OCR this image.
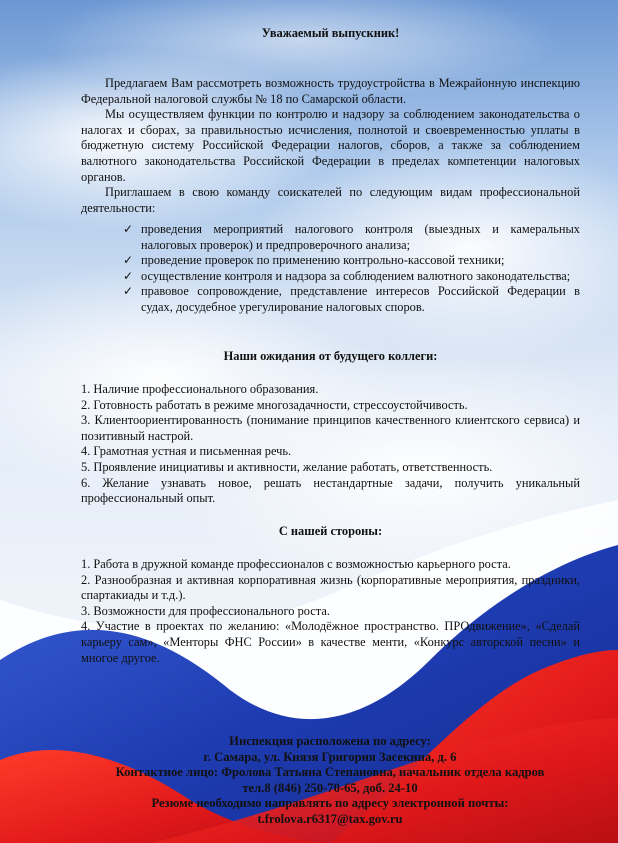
Уважаемый выпускник!

Предлагаем Вам рассмотреть возможность трудоустройства в Межрайонную инспекцию Федеральной налоговой службы № 18 по Самарской области.

Мы осуществляем функции по контролю и надзору за соблюдением законодательства о налогах и сборах, за правильностью исчисления, полнотой и своевременностью уплаты в бюджетную систему Российской Федерации налогов, сборов, а также за соблюдением валютного законодательства Российской Федерации в пределах компетенции налоговых органов.

Приглашаем в свою команду соискателей по следующим видам профессиональной деятельности:

✓ проведения мероприятий налогового контроля (выездных и камеральных налоговых проверок) и предпроверочного анализа;
✓ проведение проверок по применению контрольно-кассовой техники;
✓ осуществление контроля и надзора за соблюдением валютного законодательства;
✓ правовое сопровождение, представление интересов Российской Федерации в судах, досудебное урегулирование налоговых споров.
Наши ожидания от будущего коллеги:

1. Наличие профессионального образования.

2. Готовность работать в режиме многозадачности, стрессоустойчивость.

3. Клиентоориентированность (понимание принципов качественного клиентского сервиса) и позитивный настрой.

4. Грамотная устная и письменная речь.

5. Проявление инициативы и активности, желание работать, ответственность.

6. Желание узнавать новое, решать нестандартные задачи, получить уникальный профессиональный опыт.

С нашей стороны:

1. Работа в дружной команде профессионалов с возможностью карьерного роста.

2. Разнообразная и активная корпоративная жизнь (корпоративные мероприятия, праздники, спартакиады и т.д.).

3. Возможности для профессионального роста.

4. Участие в проектах по желанию: «Молодёжное пространство. ПРОдвижение», «Сделай карьеру сам», «Менторы ФНС России» в качестве менти, «Конкурс авторской песни» и многое другое.

Инспекция расположена по адресу:
г. Самара, ул. Князя Григория Засекина, д. 6
Контактное лицо: Фролова Татьяна Степановна, начальник отдела кадров
тел.8 (846) 250-70-65, доб. 24-10
Резюме необходимо направлять по адресу электронной почты:
t.frolova.r6317@tax.gov.ru
